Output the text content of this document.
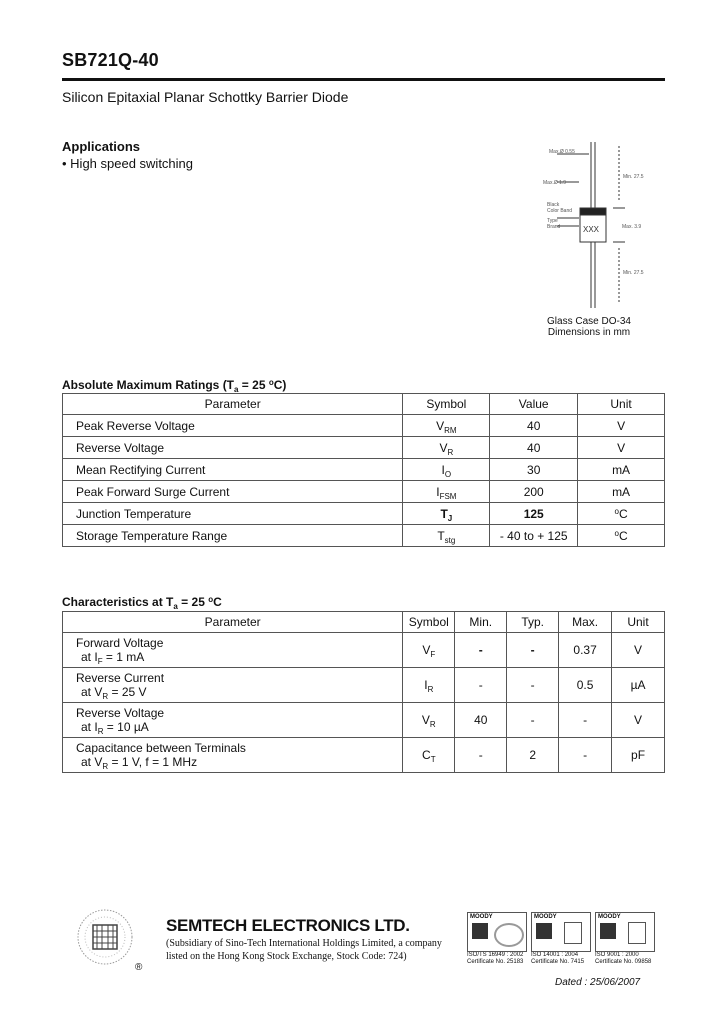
SB721Q-40
Silicon Epitaxial Planar Schottky Barrier Diode
Applications
• High speed switching
Max.Ø 0.55
Min. 27.5
Max.Ø 1.9
Black
Color Band
Type
Brand	Max. 3.9
Min. 27.5
XXX
Glass Case DO-34
Dimensions in mm
Absolute Maximum Ratings ($T_a = 25$ $^o$C)
Parameter	Symbol	Value	Unit
Peak Reverse Voltage	$V_{RM}$	40	V
Reverse Voltage	$V_R$	40	V
Mean Rectifying Current	$I_O$	30	mA
Peak Forward Surge Current	$I_{FSM}$	200	mA
Junction Temperature	$T_J$	125	$^o$C
Storage Temperature Range	$T_{stg}$	- 40 to + 125	$^o$C
Characteristics at $T_a = 25$ $^o$C
Parameter	Symbol	Min.	Typ.	Max.	Unit

Forward Voltage
at $I_F = 1$ mA	$V_F$	-	-	0.37	V

Reverse Current
at $V_R = 25$ V	$I_R$	-	-	0.5	µA

Reverse Voltage
at $I_R = 10$ µA	$V_R$	40	-	-	V

Capacitance between Terminals
at $V_R = 1$ V, f = 1 MHz	$C_T$	-	2	-	pF
®
SEMTECH ELECTRONICS LTD.
(Subsidiary of Sino-Tech International Holdings Limited, a company
listed on the Hong Kong Stock Exchange, Stock Code: 724)
MOODY
ISO/TS 16949 : 2002
Certificate No. 25183
MOODY
ISO 14001 : 2004
Certificate No. 7415
MOODY
ISO 9001 : 2000
Certificate No. 09858
Dated : 25/06/2007
